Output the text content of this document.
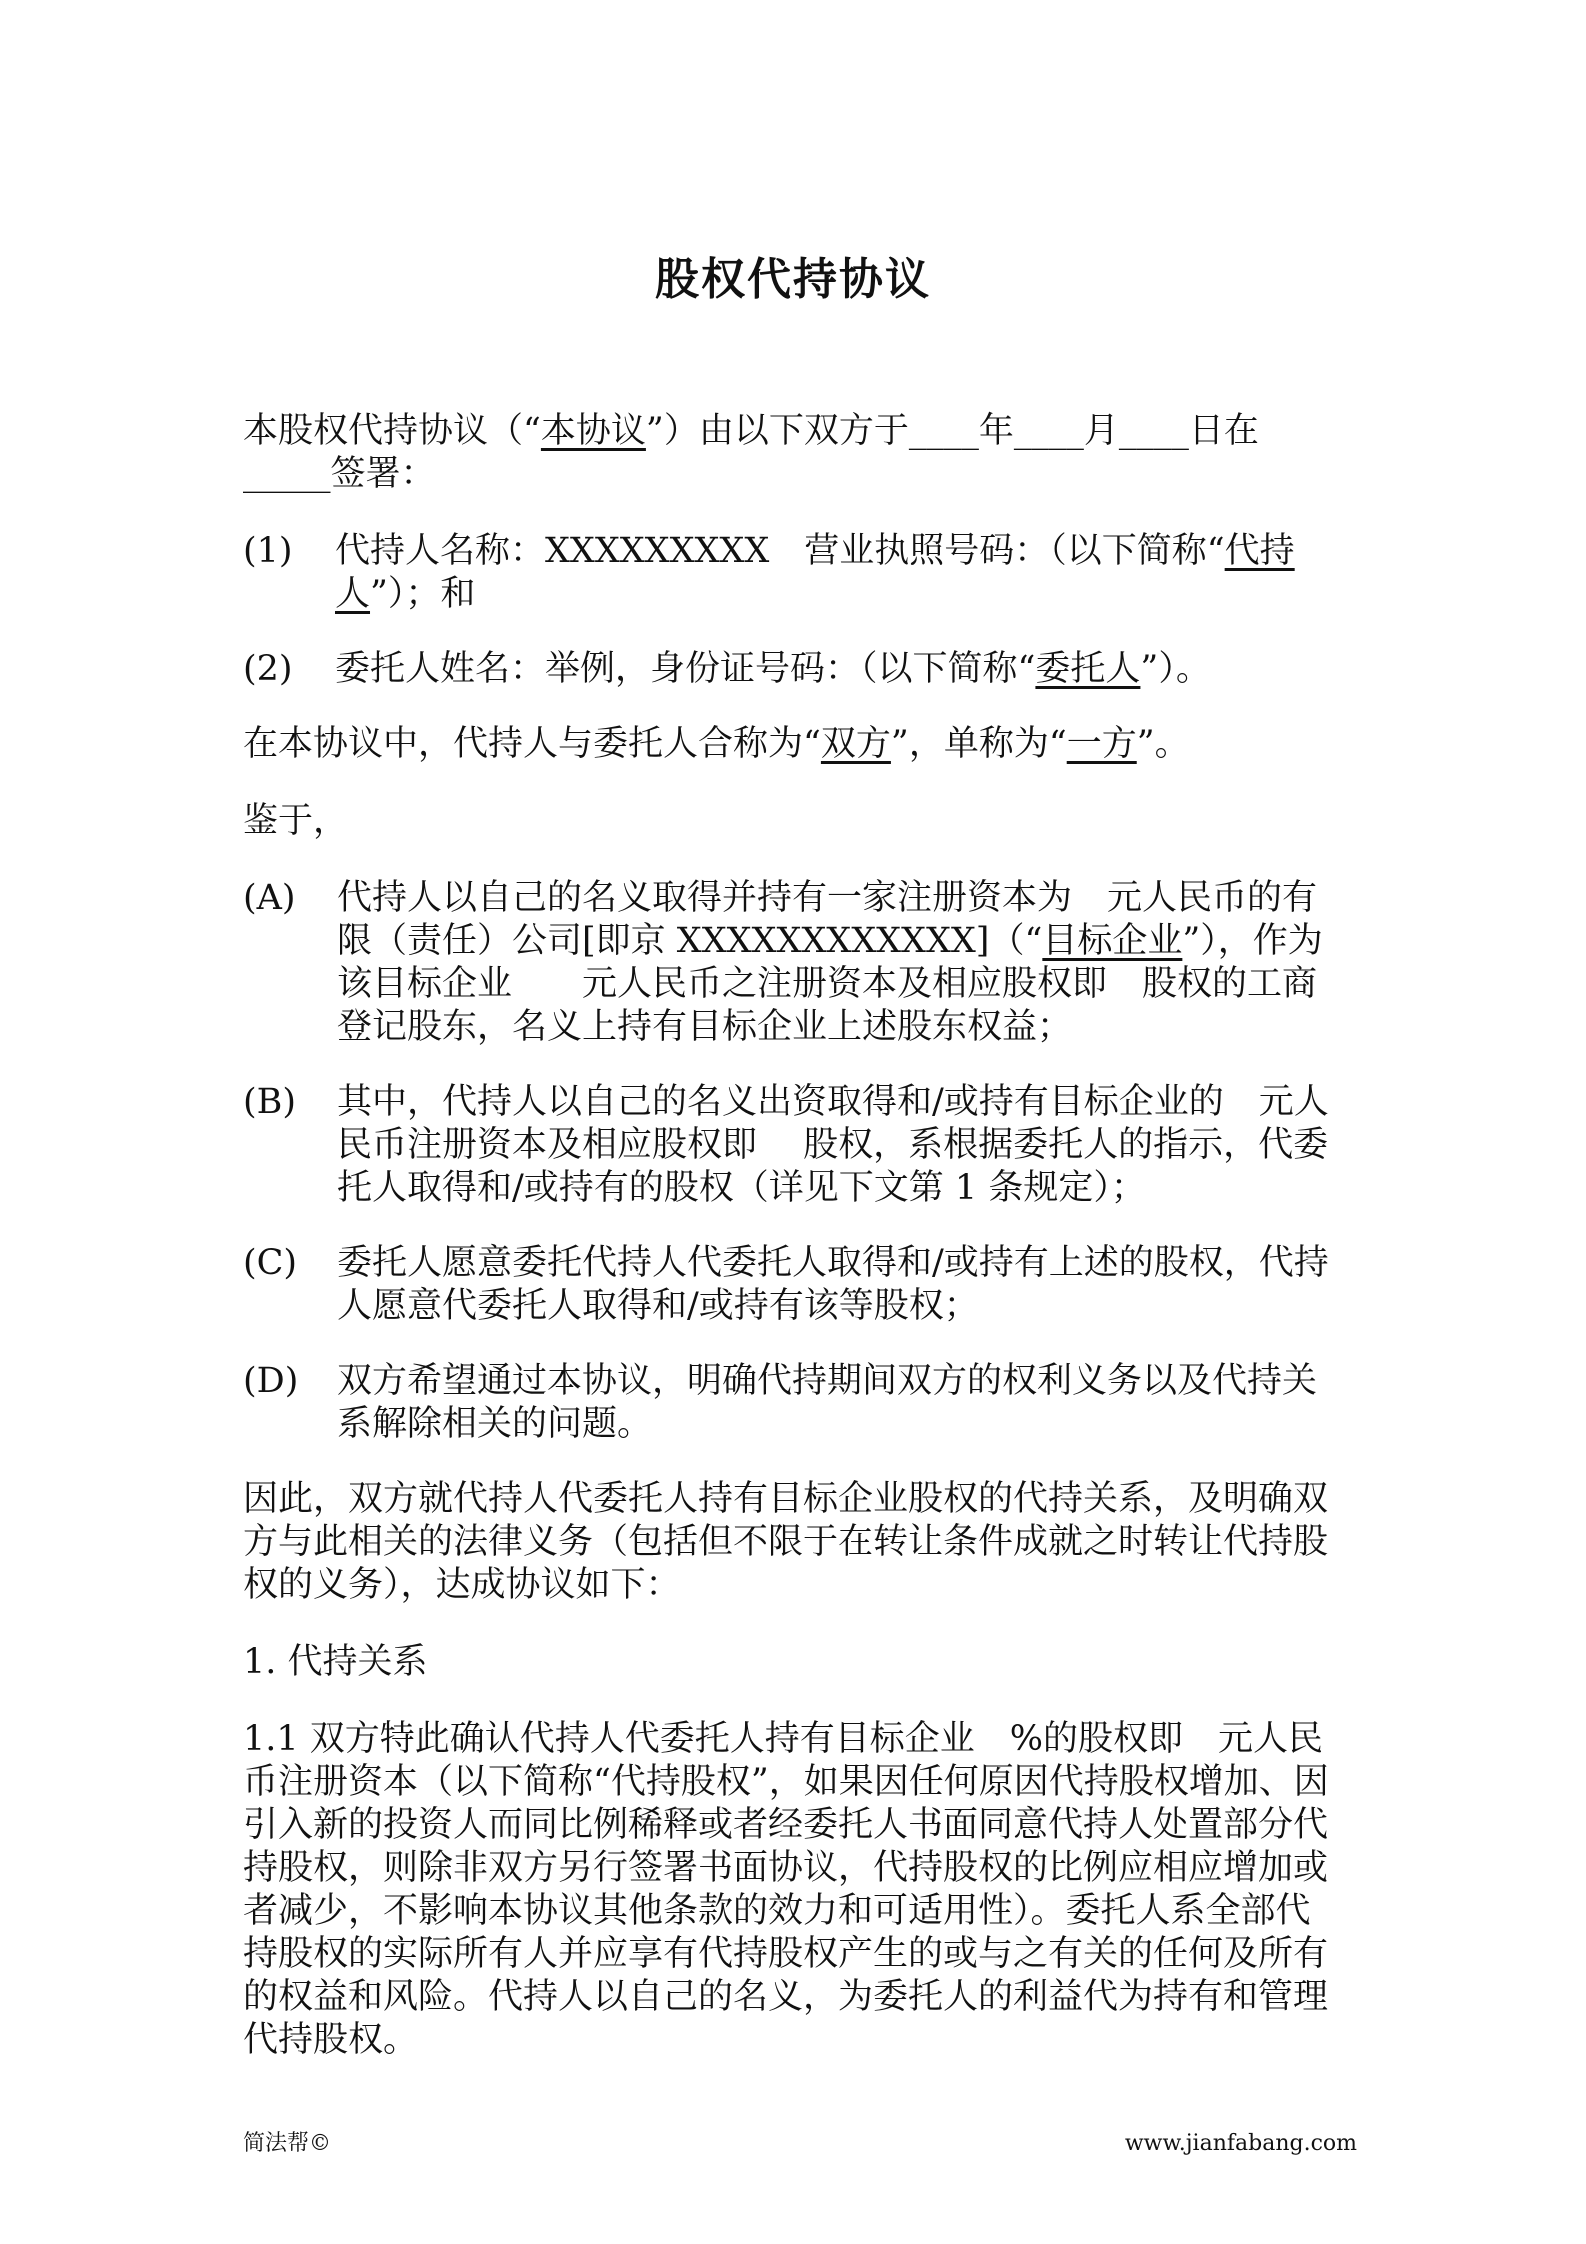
股权代持协议

本股权代持协议（“本协议”）由以下双方于____年____月____日在_____签署：

(1) 代持人名称：XXXXXXXXX　营业执照号码：（以下简称“代持人”）；和
(2) 委托人姓名：举例，身份证号码：（以下简称“委托人”）。

在本协议中，代持人与委托人合称为“双方”，单称为“一方”。

鉴于，

(A) 代持人以自己的名义取得并持有一家注册资本为　元人民币的有限（责任）公司[即京 XXXXXXXXXXXX]（“目标企业”），作为该目标企业　　元人民币之注册资本及相应股权即　股权的工商登记股东，名义上持有目标企业上述股东权益；
(B) 其中，代持人以自己的名义出资取得和/或持有目标企业的　元人民币注册资本及相应股权即　 股权，系根据委托人的指示，代委托人取得和/或持有的股权（详见下文第 1 条规定）；
(C) 委托人愿意委托代持人代委托人取得和/或持有上述的股权，代持人愿意代委托人取得和/或持有该等股权；
(D) 双方希望通过本协议，明确代持期间双方的权利义务以及代持关系解除相关的问题。

因此，双方就代持人代委托人持有目标企业股权的代持关系，及明确双方与此相关的法律义务（包括但不限于在转让条件成就之时转让代持股权的义务），达成协议如下：

1. 代持关系

1.1 双方特此确认代持人代委托人持有目标企业　%的股权即　元人民币注册资本（以下简称“代持股权”，如果因任何原因代持股权增加、因引入新的投资人而同比例稀释或者经委托人书面同意代持人处置部分代持股权，则除非双方另行签署书面协议，代持股权的比例应相应增加或者减少，不影响本协议其他条款的效力和可适用性）。委托人系全部代持股权的实际所有人并应享有代持股权产生的或与之有关的任何及所有的权益和风险。代持人以自己的名义，为委托人的利益代为持有和管理代持股权。

简法帮©	www.jianfabang.com
